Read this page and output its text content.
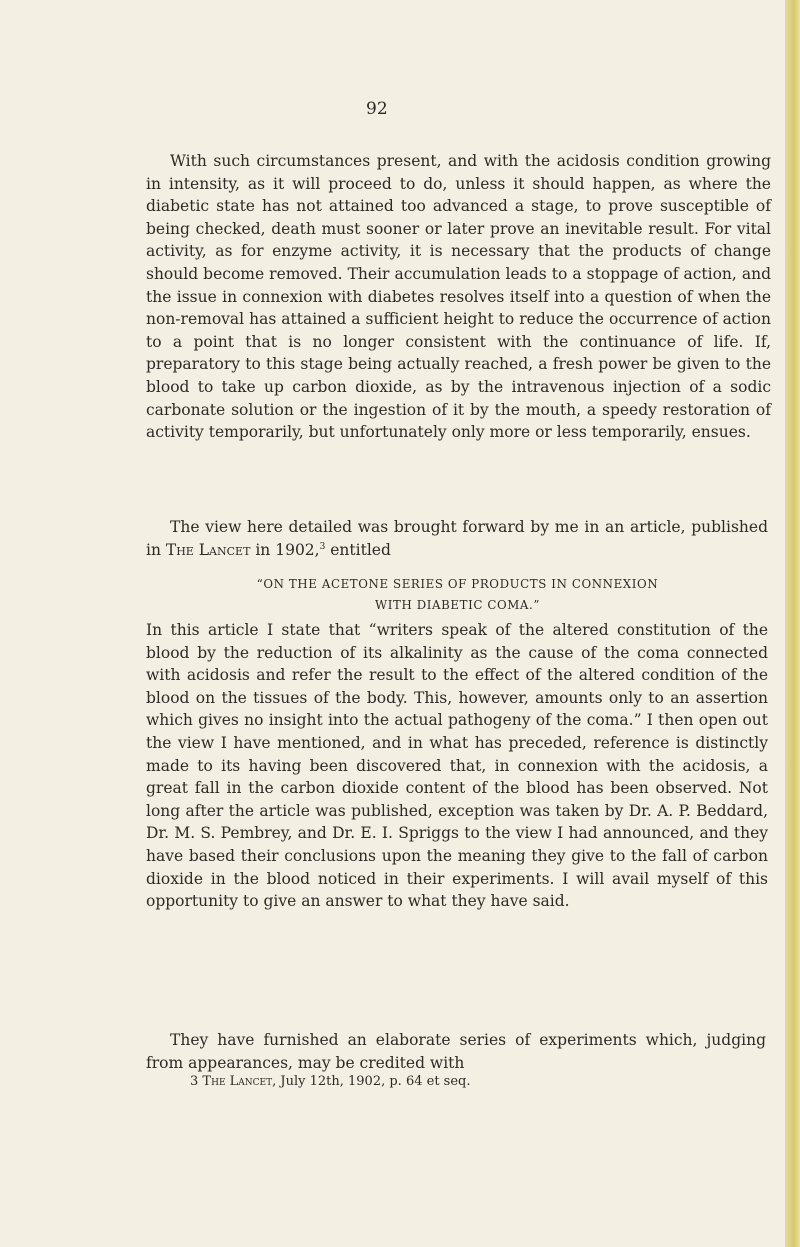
92

With such circumstances present, and with the acidosis condition growing in intensity, as it will proceed to do, unless it should happen, as where the diabetic state has not attained too advanced a stage, to prove susceptible of being checked, death must sooner or later prove an inevitable result. For vital activity, as for enzyme activity, it is necessary that the products of change should become removed. Their accumulation leads to a stoppage of action, and the issue in connexion with diabetes resolves itself into a question of when the non-removal has attained a sufficient height to reduce the occurrence of action to a point that is no longer consistent with the continuance of life. If, preparatory to this stage being actually reached, a fresh power be given to the blood to take up carbon dioxide, as by the intravenous injection of a sodic carbonate solution or the ingestion of it by the mouth, a speedy restoration of activity temporarily, but unfortunately only more or less temporarily, ensues.

The view here detailed was brought forward by me in an article, published in The Lancet in 1902,$^3$ entitled

“ON THE ACETONE SERIES OF PRODUCTS IN CONNEXION
WITH DIABETIC COMA.”

In this article I state that “writers speak of the altered constitution of the blood by the reduction of its alkalinity as the cause of the coma connected with acidosis and refer the result to the effect of the altered condition of the blood on the tissues of the body. This, however, amounts only to an assertion which gives no insight into the actual pathogeny of the coma.” I then open out the view I have mentioned, and in what has preceded, reference is distinctly made to its having been discovered that, in connexion with the acidosis, a great fall in the carbon dioxide content of the blood has been observed. Not long after the article was published, exception was taken by Dr. A. P. Beddard, Dr. M. S. Pembrey, and Dr. E. I. Spriggs to the view I had announced, and they have based their conclusions upon the meaning they give to the fall of carbon dioxide in the blood noticed in their experiments. I will avail myself of this opportunity to give an answer to what they have said.

They have furnished an elaborate series of experiments which, judging from appearances, may be credited with

3 The Lancet, July 12th, 1902, p. 64 et seq.
